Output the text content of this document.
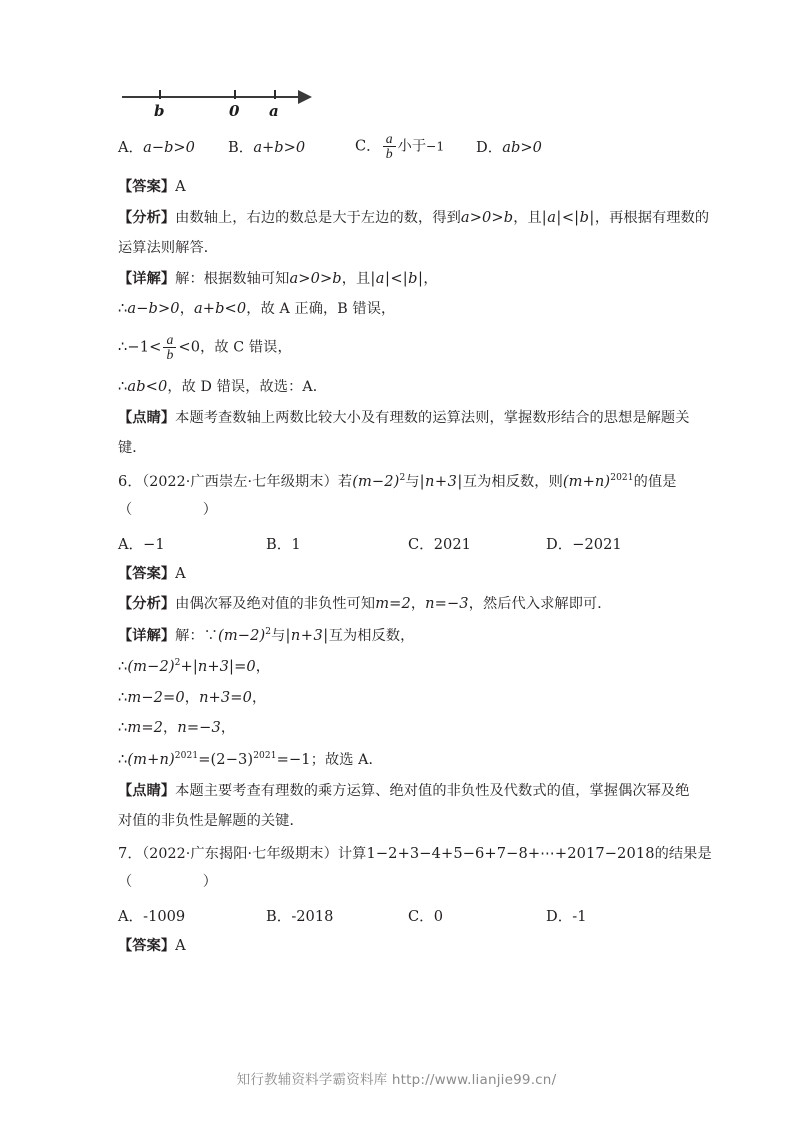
b	0 a
A．a−b>0 B．a+b>0	C． $\frac{a}{b}$ 小于−1 D．ab>0
【答案】A
【分析】由数轴上，右边的数总是大于左边的数，得到a>0>b，且|a|<|b|，再根据有理数的
运算法则解答．
【详解】解：根据数轴可知a>0>b，且|a|<|b|，
∴a−b>0，a+b<0，故 A 正确，B 错误，
∴−1< $\frac{a}{b} <0$，故 C 错误，
∴ab<0，故 D 错误，故选：A．
【点睛】本题考查数轴上两数比较大小及有理数的运算法则，掌握数形结合的思想是解题关
键．
6．（2022·广西崇左·七年级期末）若$(m-2)^2$与|n+3|互为相反数，则$(m+n)^{2021}$的值是
（	）
A．−1	B．1	C．2021	D．−2021
【答案】A
【分析】由偶次幂及绝对值的非负性可知m=2，n=−3，然后代入求解即可．
【详解】解：$\because(m-2)^2$与|n+3|互为相反数，
$\therefore(m-2)^2+|n+3|=0$，
∴m−2=0，n+3=0，
∴m=2，n=−3，
$\therefore(m+n)^{2021}=(2-3)^{2021}=-1$；故选 A．
【点睛】本题主要考查有理数的乘方运算、绝对值的非负性及代数式的值，掌握偶次幂及绝
对值的非负性是解题的关键．
7．（2022·广东揭阳·七年级期末）计算1−2+3−4+5−6+7−8+⋯+2017−2018的结果是
（	）
A．-1009	B．-2018	C．0	D．-1
【答案】A
知行教辅资料学霸资料库 http://www.lianjie99.cn/
